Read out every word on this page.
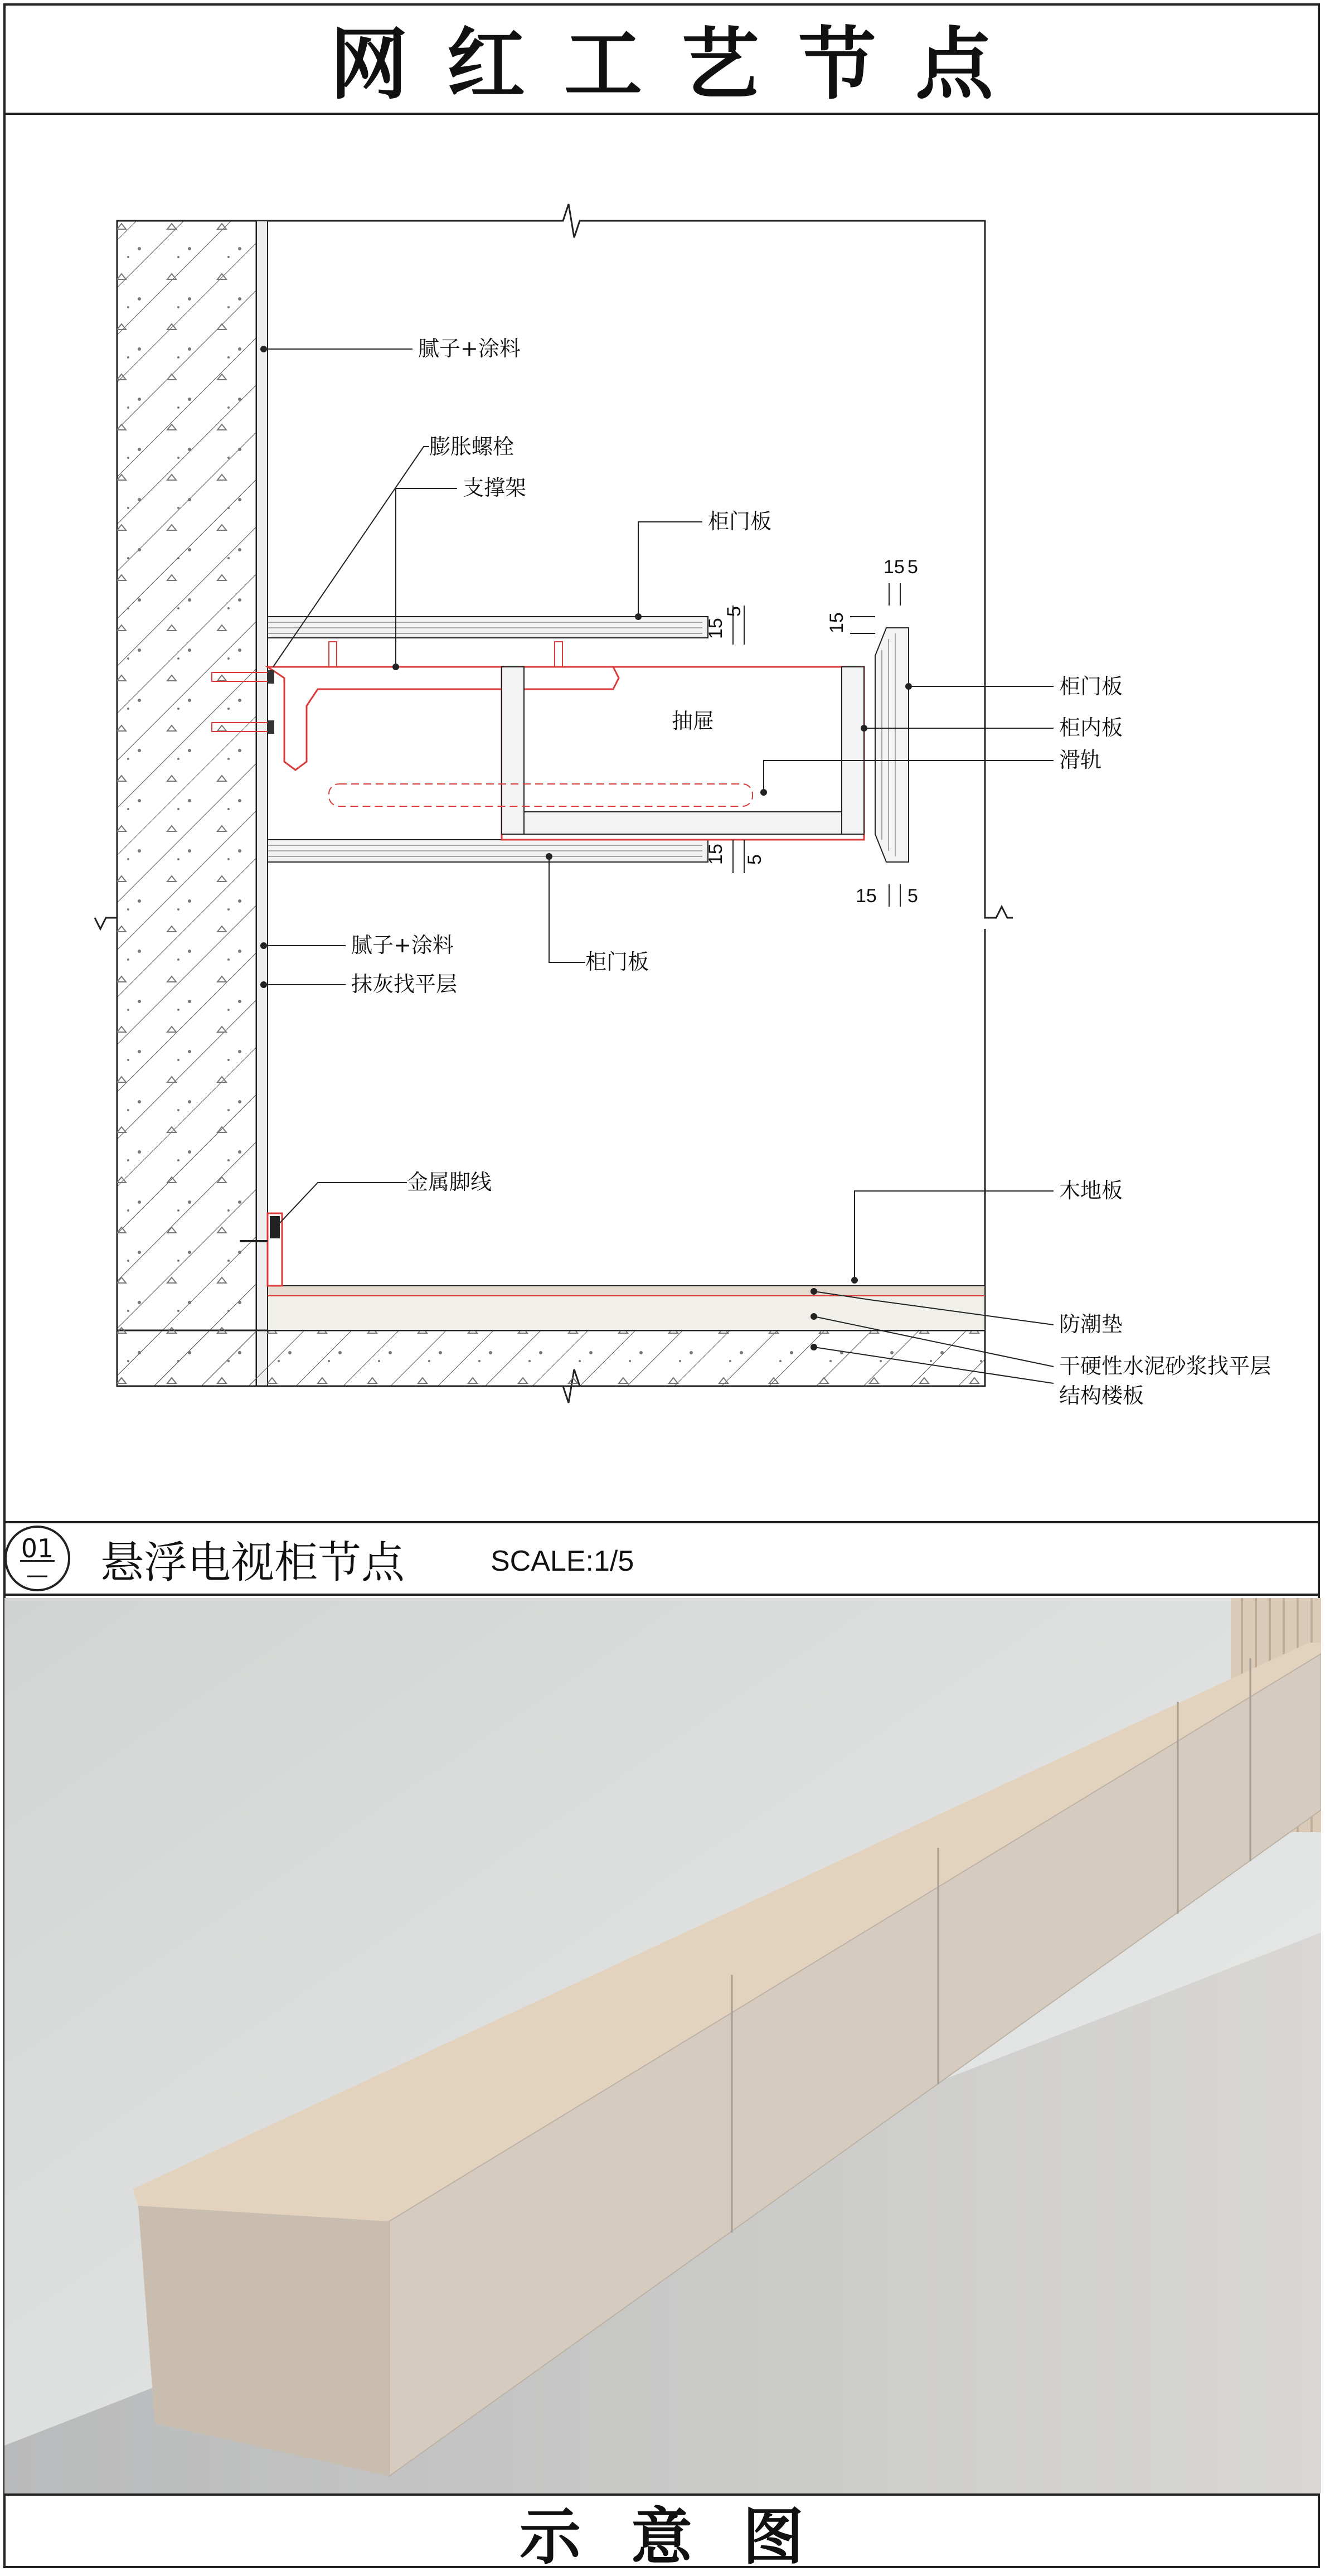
网红工艺节点
腻子+涂料
膨胀螺栓
支撑架
柜门板
抽屉
柜门板
柜内板
滑轨
腻子+涂料
抹灰找平层
柜门板
金属脚线	木地板
防潮垫
干硬性水泥砂浆找平层
结构楼板
15
5
15 5
15
15 5
15 5
01
—	悬浮电视柜节点	SCALE:1/5
示意图
